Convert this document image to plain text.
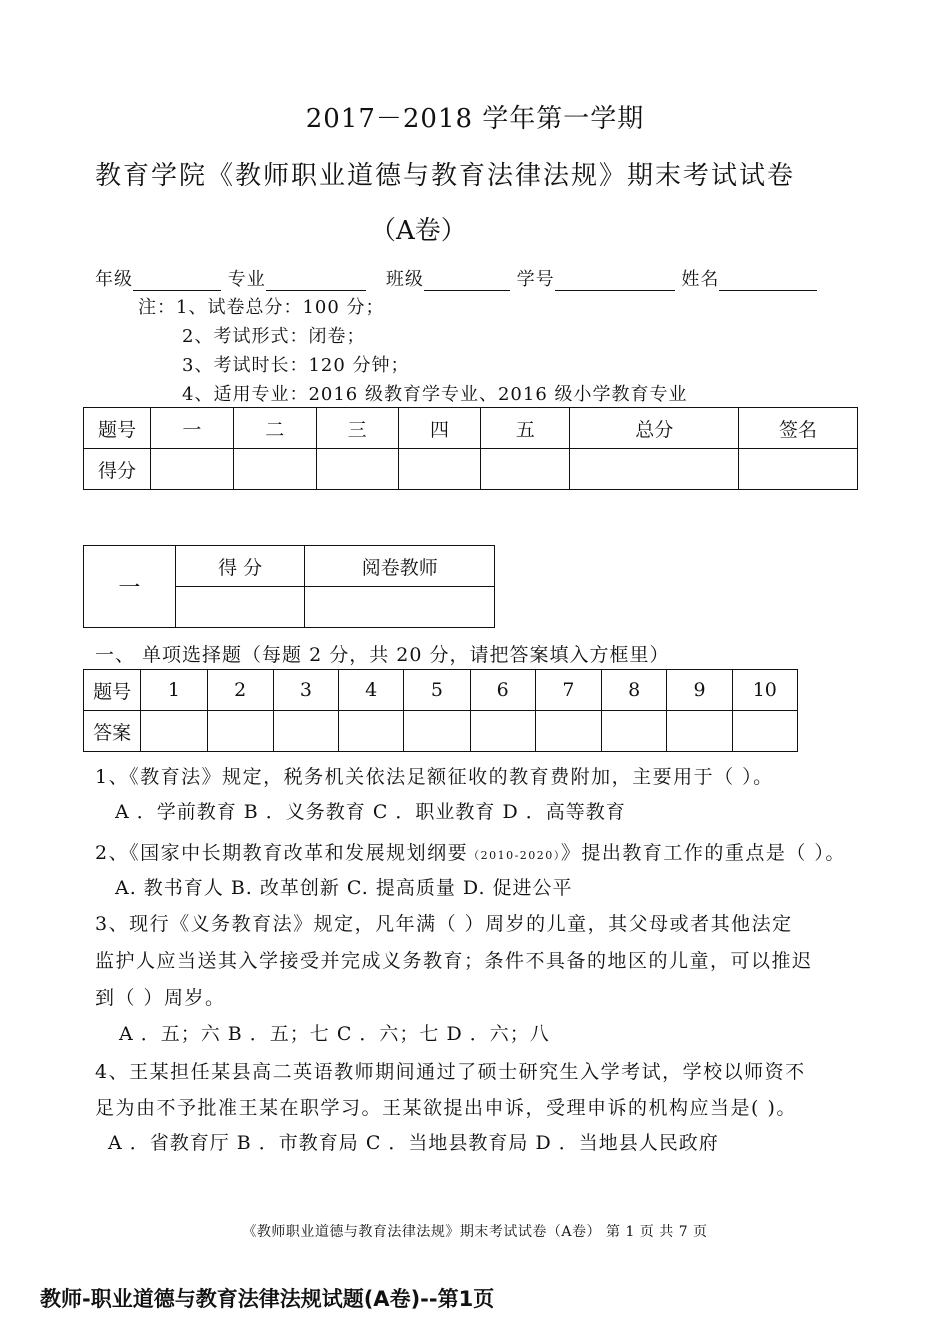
2017－2018 学年第一学期
教育学院《教师职业道德与教育法律法规》期末考试试卷
（A卷）
年级	专业	班级	学号	姓名
注：1、试卷总分：100 分；
2、考试形式：闭卷；
3、考试时长：120 分钟；
4、适用专业：2016 级教育学专业、2016 级小学教育专业
题号	一	二	三	四	五	总分	签名
得分							
一	得 分	阅卷教师

一、 单项选择题（每题 2 分，共 20 分，请把答案填入方框里）
题号	1	2	3	4	5	6	7	8	9	10
答案										
1、《教育法》规定，税务机关依法足额征收的教育费附加，主要用于（ ）。
A ．学前教育 B ．义务教育 C ．职业教育 D ．高等教育
2、《国家中长期教育改革和发展规划纲要（2010-2020）》提出教育工作的重点是（ ）。
A. 教书育人 B. 改革创新 C. 提高质量 D. 促进公平
3、现行《义务教育法》规定，凡年满（ ）周岁的儿童，其父母或者其他法定
监护人应当送其入学接受并完成义务教育；条件不具备的地区的儿童，可以推迟
到（ ）周岁。
A ．五；六 B ．五；七 C ．六；七 D ．六；八
4、王某担任某县高二英语教师期间通过了硕士研究生入学考试，学校以师资不
足为由不予批准王某在职学习。王某欲提出申诉，受理申诉的机构应当是( )。
A ．省教育厅 B ．市教育局 C ．当地县教育局 D ．当地县人民政府
《教师职业道德与教育法律法规》期末考试试卷（A卷） 第 1 页 共 7 页
教师-职业道德与教育法律法规试题(A卷)--第1页
